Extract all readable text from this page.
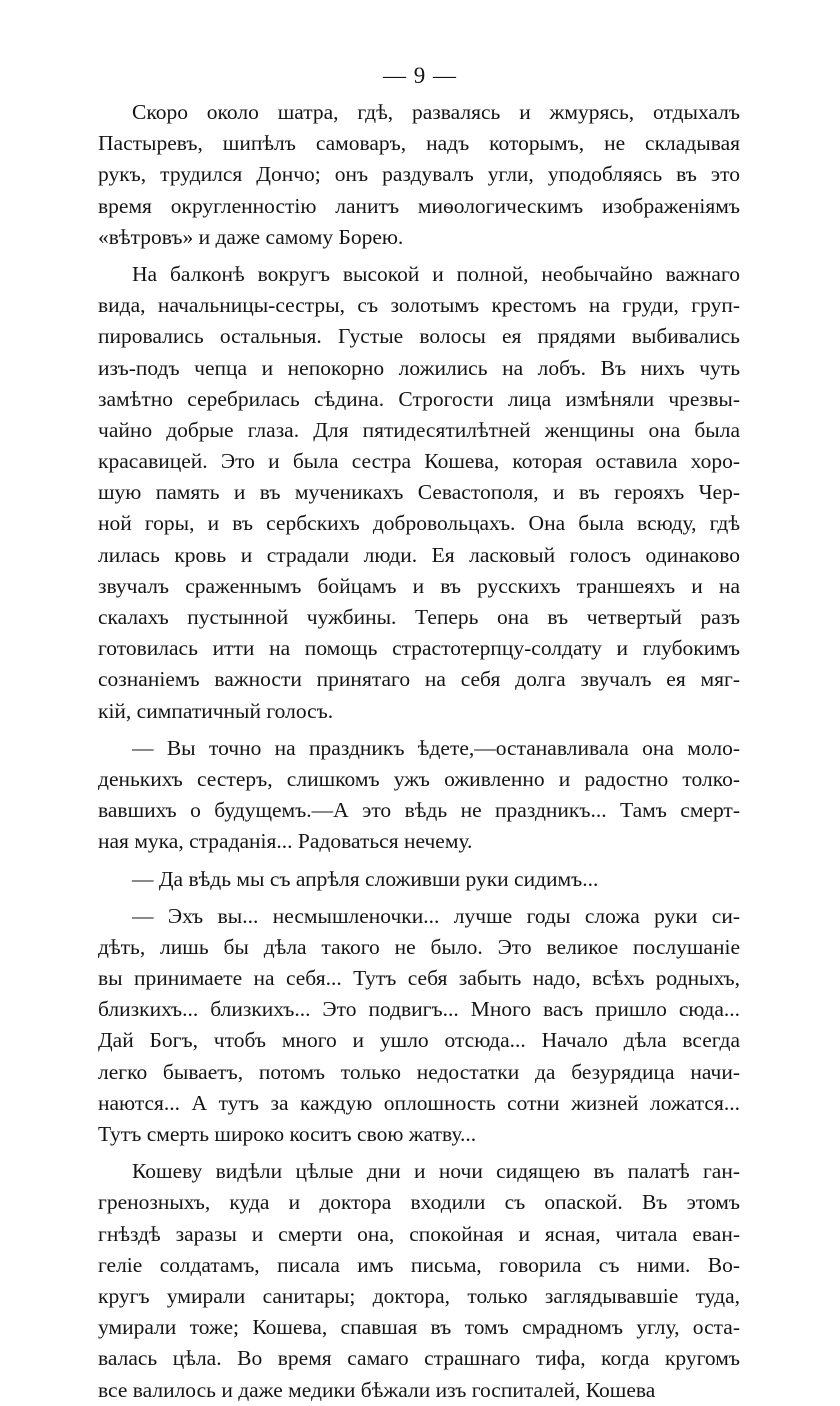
— 9 —
Скоро около шатра, гдѣ, развалясь и жмурясь, отдыхалъ
Пастыревъ, шипѣлъ самоваръ, надъ которымъ, не складывая
рукъ, трудился Дончо; онъ раздувалъ угли, уподобляясь въ это
время округленностію ланитъ миѳологическимъ изображеніямъ
«вѣтровъ» и даже самому Борею.
На балконѣ вокругъ высокой и полной, необычайно важнаго
вида, начальницы-сестры, съ золотымъ крестомъ на груди, груп-
пировались остальныя. Густые волосы ея прядями выбивались
изъ-подъ чепца и непокорно ложились на лобъ. Въ нихъ чуть
замѣтно серебрилась сѣдина. Строгости лица измѣняли чрезвы-
чайно добрые глаза. Для пятидесятилѣтней женщины она была
красавицей. Это и была сестра Кошева, которая оставила хоро-
шую память и въ мученикахъ Севастополя, и въ герояхъ Чер-
ной горы, и въ сербскихъ добровольцахъ. Она была всюду, гдѣ
лилась кровь и страдали люди. Ея ласковый голосъ одинаково
звучалъ сраженнымъ бойцамъ и въ русскихъ траншеяхъ и на
скалахъ пустынной чужбины. Теперь она въ четвертый разъ
готовилась итти на помощь страстотерпцу-солдату и глубокимъ
сознаніемъ важности принятаго на себя долга звучалъ ея мяг-
кій, симпатичный голосъ.
— Вы точно на праздникъ ѣдете,—останавливала она моло-
денькихъ сестеръ, слишкомъ ужъ оживленно и радостно толко-
вавшихъ о будущемъ.—А это вѣдь не праздникъ... Тамъ смерт-
ная мука, страданія... Радоваться нечему.
— Да вѣдь мы съ апрѣля сложивши руки сидимъ...
— Эхъ вы... несмышленочки... лучше годы сложа руки си-
дѣть, лишь бы дѣла такого не было. Это великое послушаніе
вы принимаете на себя... Тутъ себя забыть надо, всѣхъ родныхъ,
близкихъ... близкихъ... Это подвигъ... Много васъ пришло сюда...
Дай Богъ, чтобъ много и ушло отсюда... Начало дѣла всегда
легко бываетъ, потомъ только недостатки да безурядица начи-
наются... А тутъ за каждую оплошность сотни жизней ложатся...
Тутъ смерть широко коситъ свою жатву...
Кошеву видѣли цѣлые дни и ночи сидящею въ палатѣ ган-
гренозныхъ, куда и доктора входили съ опаской. Въ этомъ
гнѣздѣ заразы и смерти она, спокойная и ясная, читала еван-
геліе солдатамъ, писала имъ письма, говорила съ ними. Во-
кругъ умирали санитары; доктора, только заглядывавшіе туда,
умирали тоже; Кошева, спавшая въ томъ смрадномъ углу, оста-
валась цѣла. Во время самаго страшнаго тифа, когда кругомъ
все валилось и даже медики бѣжали изъ госпиталей, Кошева
